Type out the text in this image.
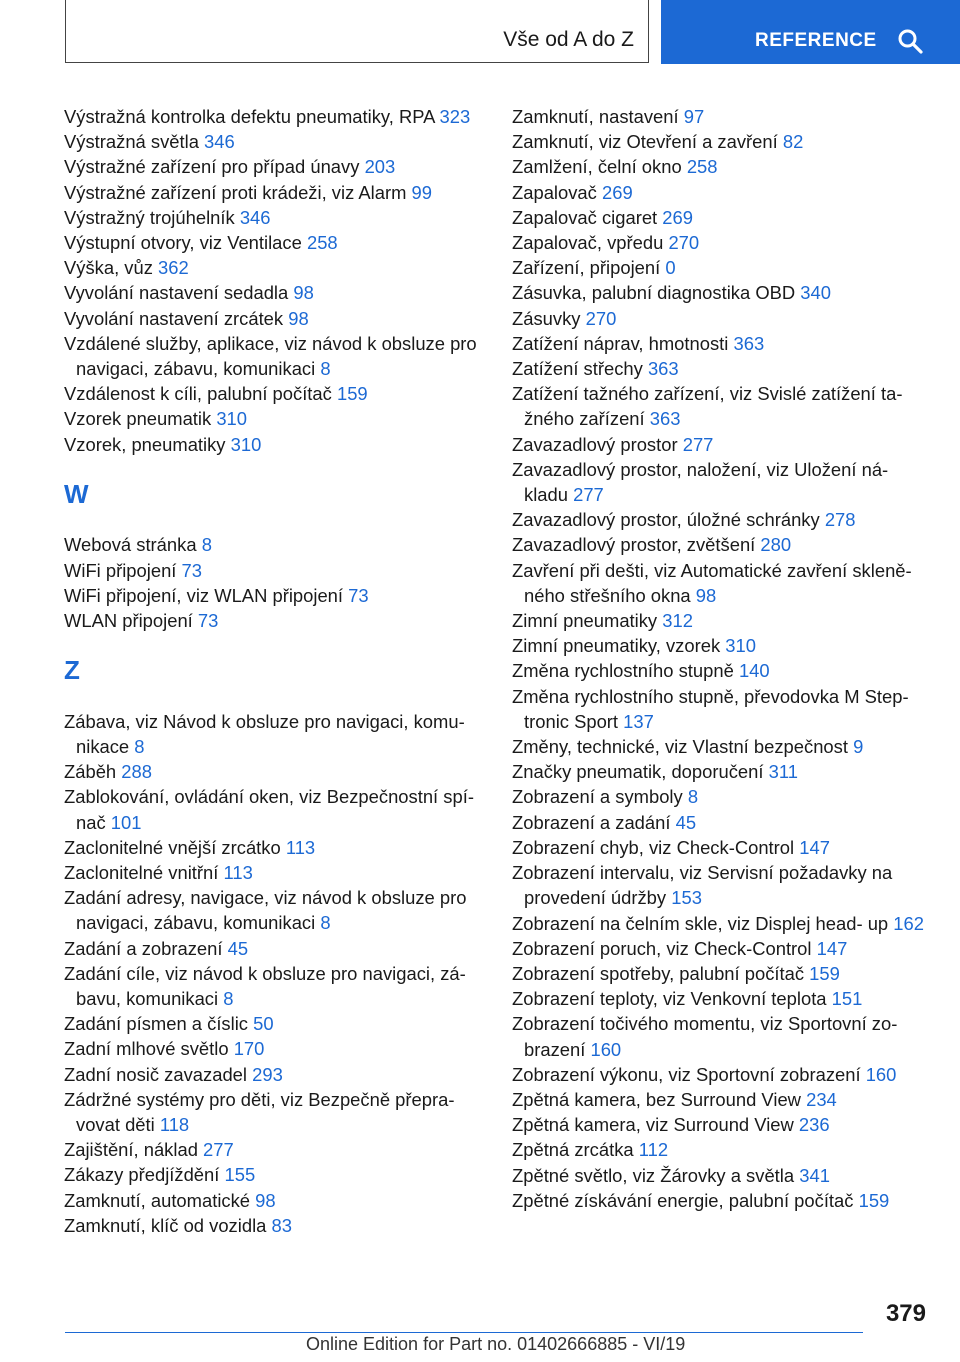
Vše od A do Z	REFERENCE
Výstražná kontrolka defektu pneumatiky, RPA 323
Výstražná světla 346
Výstražné zařízení pro případ únavy 203
Výstražné zařízení proti krádeži, viz Alarm 99
Výstražný trojúhelník 346
Výstupní otvory, viz Ventilace 258
Výška, vůz 362
Vyvolání nastavení sedadla 98
Vyvolání nastavení zrcátek 98
Vzdálené služby, aplikace, viz návod k obsluze pro navigaci, zábavu, komunikaci 8
Vzdálenost k cíli, palubní počítač 159
Vzorek pneumatik 310
Vzorek, pneumatiky 310
W
Webová stránka 8
WiFi připojení 73
WiFi připojení, viz WLAN připojení 73
WLAN připojení 73
Z
Zábava, viz Návod k obsluze pro navigaci, komu- nikace 8
Záběh 288
Zablokování, ovládání oken, viz Bezpečnostní spí- nač 101
Zaclonitelné vnější zrcátko 113
Zaclonitelné vnitřní 113
Zadání adresy, navigace, viz návod k obsluze pro navigaci, zábavu, komunikaci 8
Zadání a zobrazení 45
Zadání cíle, viz návod k obsluze pro navigaci, zá- bavu, komunikaci 8
Zadání písmen a číslic 50
Zadní mlhové světlo 170
Zadní nosič zavazadel 293
Zádržné systémy pro děti, viz Bezpečně přepra- vovat děti 118
Zajištění, náklad 277
Zákazy předjíždění 155
Zamknutí, automatické 98
Zamknutí, klíč od vozidla 83
Zamknutí, nastavení 97
Zamknutí, viz Otevření a zavření 82
Zamlžení, čelní okno 258
Zapalovač 269
Zapalovač cigaret 269
Zapalovač, vpředu 270
Zařízení, připojení 0
Zásuvka, palubní diagnostika OBD 340
Zásuvky 270
Zatížení náprav, hmotnosti 363
Zatížení střechy 363
Zatížení tažného zařízení, viz Svislé zatížení ta- žného zařízení 363
Zavazadlový prostor 277
Zavazadlový prostor, naložení, viz Uložení ná- kladu 277
Zavazadlový prostor, úložné schránky 278
Zavazadlový prostor, zvětšení 280
Zavření při dešti, viz Automatické zavření skleně- ného střešního okna 98
Zimní pneumatiky 312
Zimní pneumatiky, vzorek 310
Změna rychlostního stupně 140
Změna rychlostního stupně, převodovka M Step- tronic Sport 137
Změny, technické, viz Vlastní bezpečnost 9
Značky pneumatik, doporučení 311
Zobrazení a symboly 8
Zobrazení a zadání 45
Zobrazení chyb, viz Check-Control 147
Zobrazení intervalu, viz Servisní požadavky na provedení údržby 153
Zobrazení na čelním skle, viz Displej head- up 162
Zobrazení poruch, viz Check-Control 147
Zobrazení spotřeby, palubní počítač 159
Zobrazení teploty, viz Venkovní teplota 151
Zobrazení točivého momentu, viz Sportovní zo- brazení 160
Zobrazení výkonu, viz Sportovní zobrazení 160
Zpětná kamera, bez Surround View 234
Zpětná kamera, viz Surround View 236
Zpětná zrcátka 112
Zpětné světlo, viz Žárovky a světla 341
Zpětné získávání energie, palubní počítač 159
379
Online Edition for Part no. 01402666885 - VI/19
